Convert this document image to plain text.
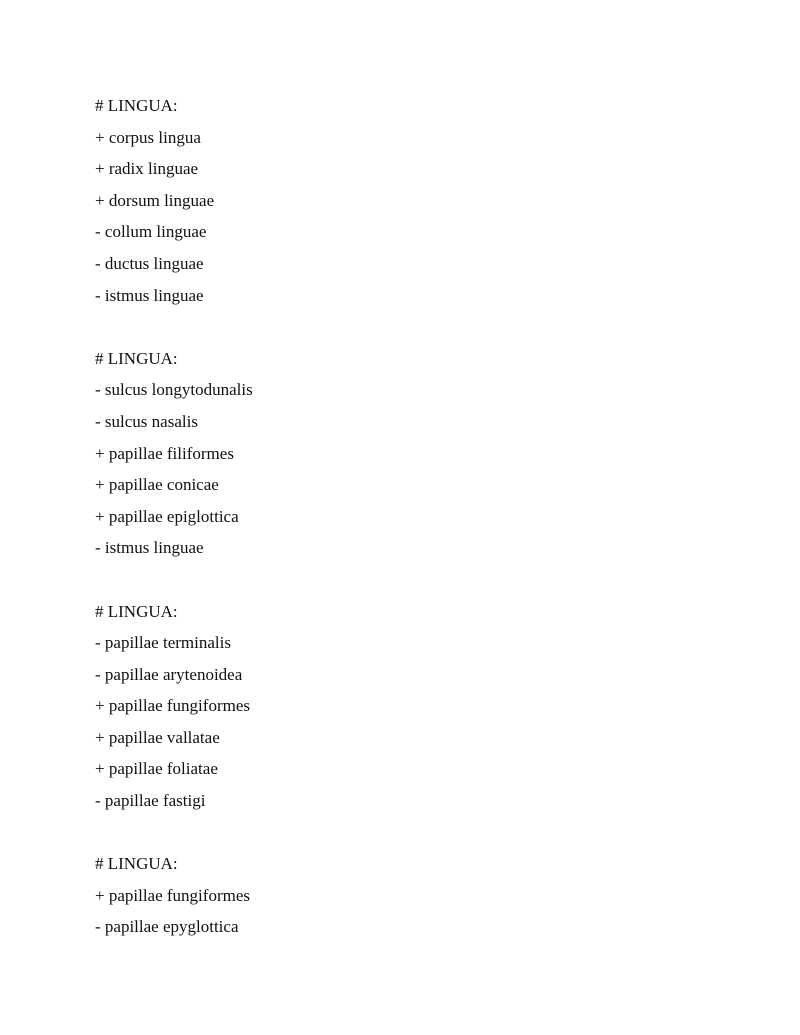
# LINGUA:
+ corpus lingua
+ radix linguae
+ dorsum linguae
- collum linguae
- ductus linguae
- istmus linguae
# LINGUA:
- sulcus longytodunalis
- sulcus nasalis
+ papillae filiformes
+ papillae conicae
+ papillae epiglottica
- istmus linguae
# LINGUA:
- papillae terminalis
- papillae arytenoidea
+ papillae fungiformes
+ papillae vallatae
+ papillae foliatae
- papillae fastigi
# LINGUA:
+ papillae fungiformes
- papillae epyglottica
